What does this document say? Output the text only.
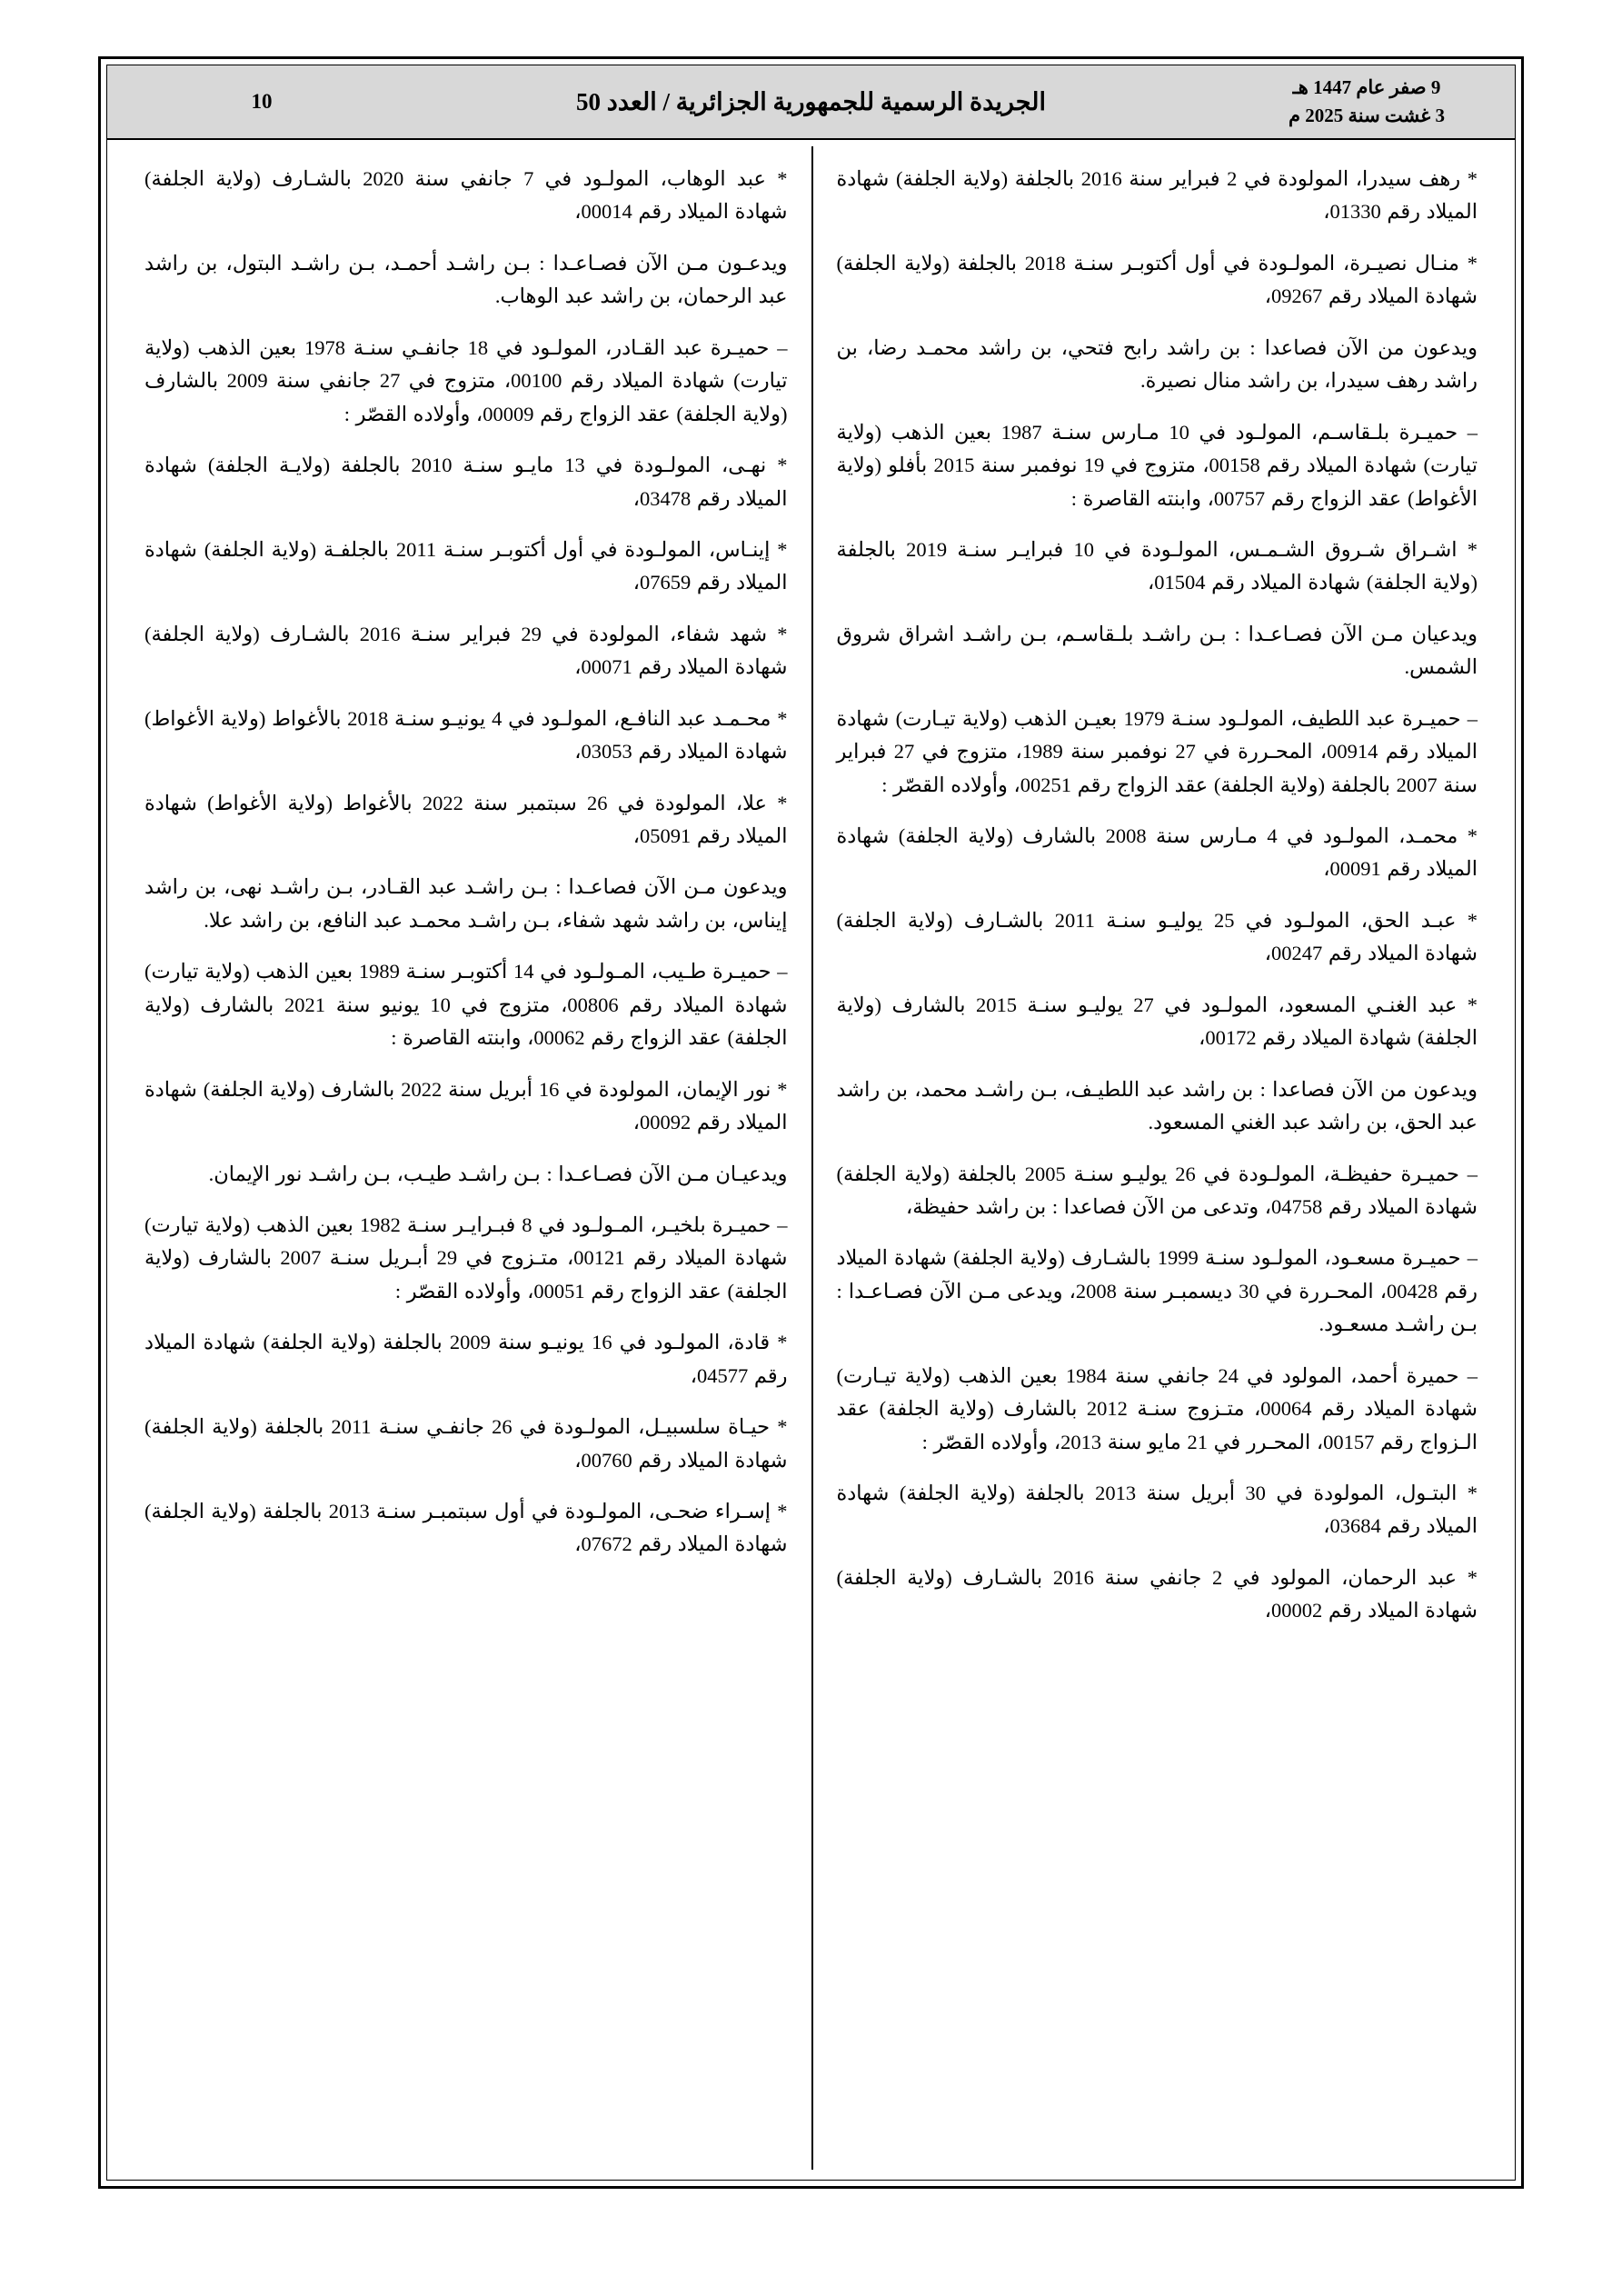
9 صفر عام 1447 هـ
3 غشت سنة 2025 م
الجريدة الرسمية للجمهورية الجزائرية / العدد 50
10

* رهف سيدرا، المولودة في 2 فبراير سنة 2016 بالجلفة (ولاية الجلفة) شهادة الميلاد رقم 01330،

* منـال نصيـرة، المولـودة في أول أكتوبـر سنـة 2018 بالجلفة (ولاية الجلفة) شهادة الميلاد رقم 09267،

ويدعون من الآن فصاعدا : بن راشد رابح فتحي، بن راشد محمـد رضا، بن راشد رهف سيدرا، بن راشد منال نصيرة.

– حميـرة بلـقاسـم، المولـود في 10 مـارس سنـة 1987 بعين الذهب (ولاية تيارت) شهادة الميلاد رقم 00158، متزوج في 19 نوفمبر سنة 2015 بأفلو (ولاية الأغواط) عقد الزواج رقم 00757، وابنته القاصرة :

* اشـراق شـروق الشـمـس، المولـودة في 10 فبرايـر سنـة 2019 بالجلفة (ولاية الجلفة) شهادة الميلاد رقم 01504،

ويدعيان مـن الآن فصـاعـدا : بـن راشـد بلـقاسـم، بـن راشـد اشراق شروق الشمس.

– حميـرة عبد اللطيف، المولـود سنـة 1979 بعيـن الذهب (ولاية تيـارت) شهادة الميلاد رقم 00914، المحـررة في 27 نوفمبر سنة 1989، متزوج في 27 فبراير سنة 2007 بالجلفة (ولاية الجلفة) عقد الزواج رقم 00251، وأولاده القصّر :

* محمـد، المولـود في 4 مـارس سنة 2008 بالشارف (ولاية الجلفة) شهادة الميلاد رقم 00091،

* عبـد الحق، المولـود في 25 يوليـو سنـة 2011 بالشـارف (ولاية الجلفة) شهادة الميلاد رقم 00247،

* عبد الغنـي المسعود، المولـود في 27 يوليـو سنـة 2015 بالشارف (ولاية الجلفة) شهادة الميلاد رقم 00172،

ويدعون من الآن فصاعدا : بن راشد عبد اللطيـف، بـن راشـد محمد، بن راشد عبد الحق، بن راشد عبد الغني المسعود.

– حميـرة حفيظـة، المولـودة في 26 يوليـو سنـة 2005 بالجلفة (ولاية الجلفة) شهادة الميلاد رقم 04758، وتدعى من الآن فصاعدا : بن راشد حفيظة،

– حميـرة مسعـود، المولـود سنـة 1999 بالشـارف (ولاية الجلفة) شهادة الميلاد رقم 00428، المحـررة في 30 ديسمبـر سنة 2008، ويدعى مـن الآن فصـاعـدا : بـن راشـد مسعـود.

– حميرة أحمد، المولود في 24 جانفي سنة 1984 بعين الذهب (ولاية تيـارت) شهادة الميلاد رقم 00064، متـزوج سنـة 2012 بالشارف (ولاية الجلفة) عقد الـزواج رقم 00157، المحـرر في 21 مايو سنة 2013، وأولاده القصّر :

* البتـول، المولودة في 30 أبريل سنة 2013 بالجلفة (ولاية الجلفة) شهادة الميلاد رقم 03684،

* عبد الرحمان، المولود في 2 جانفي سنة 2016 بالشـارف (ولاية الجلفة) شهادة الميلاد رقم 00002،

* عبد الوهاب، المولـود في 7 جانفي سنة 2020 بالشـارف (ولاية الجلفة) شهادة الميلاد رقم 00014،

ويدعـون مـن الآن فصـاعـدا : بـن راشـد أحمـد، بـن راشـد البتول، بن راشد عبد الرحمان، بن راشد عبد الوهاب.

– حميـرة عبد القـادر، المولـود في 18 جانفـي سنـة 1978 بعين الذهب (ولاية تيارت) شهادة الميلاد رقم 00100، متزوج في 27 جانفي سنة 2009 بالشارف (ولاية الجلفة) عقد الزواج رقم 00009، وأولاده القصّر :

* نهـى، المولـودة في 13 مايـو سنـة 2010 بالجلفة (ولايـة الجلفة) شهادة الميلاد رقم 03478،

* إينـاس، المولـودة في أول أكتوبـر سنـة 2011 بالجلفـة (ولاية الجلفة) شهادة الميلاد رقم 07659،

* شهد شفاء، المولودة في 29 فبراير سنـة 2016 بالشـارف (ولاية الجلفة) شهادة الميلاد رقم 00071،

* محـمـد عبد النافـع، المولـود في 4 يونيـو سنـة 2018 بالأغواط (ولاية الأغواط) شهادة الميلاد رقم 03053،

* علا، المولودة في 26 سبتمبر سنة 2022 بالأغواط (ولاية الأغواط) شهادة الميلاد رقم 05091،

ويدعون مـن الآن فصاعـدا : بـن راشـد عبد القـادر، بـن راشـد نهى، بن راشد إيناس، بن راشد شهد شفاء، بـن راشـد محمـد عبد النافع، بن راشد علا.

– حميـرة طـيب، المـولـود في 14 أكتوبـر سنـة 1989 بعين الذهب (ولاية تيارت) شهادة الميلاد رقم 00806، متزوج في 10 يونيو سنة 2021 بالشارف (ولاية الجلفة) عقد الزواج رقم 00062، وابنته القاصرة :

* نور الإيمان، المولودة في 16 أبريل سنة 2022 بالشارف (ولاية الجلفة) شهادة الميلاد رقم 00092،

ويدعيـان مـن الآن فصـاعـدا : بـن راشـد طيـب، بـن راشـد نور الإيمان.

– حميـرة بلخيـر، المـولـود في 8 فبـرايـر سنـة 1982 بعين الذهب (ولاية تيارت) شهادة الميلاد رقم 00121، متـزوج في 29 أبـريل سنـة 2007 بالشارف (ولاية الجلفة) عقد الزواج رقم 00051، وأولاده القصّر :

* قادة، المولـود في 16 يونيـو سنة 2009 بالجلفة (ولاية الجلفة) شهادة الميلاد رقم 04577،

* حيـاة سلسبيـل، المولـودة في 26 جانفـي سنـة 2011 بالجلفة (ولاية الجلفة) شهادة الميلاد رقم 00760،

* إسـراء ضحـى، المولـودة في أول سبتمبـر سنـة 2013 بالجلفة (ولاية الجلفة) شهادة الميلاد رقم 07672،
